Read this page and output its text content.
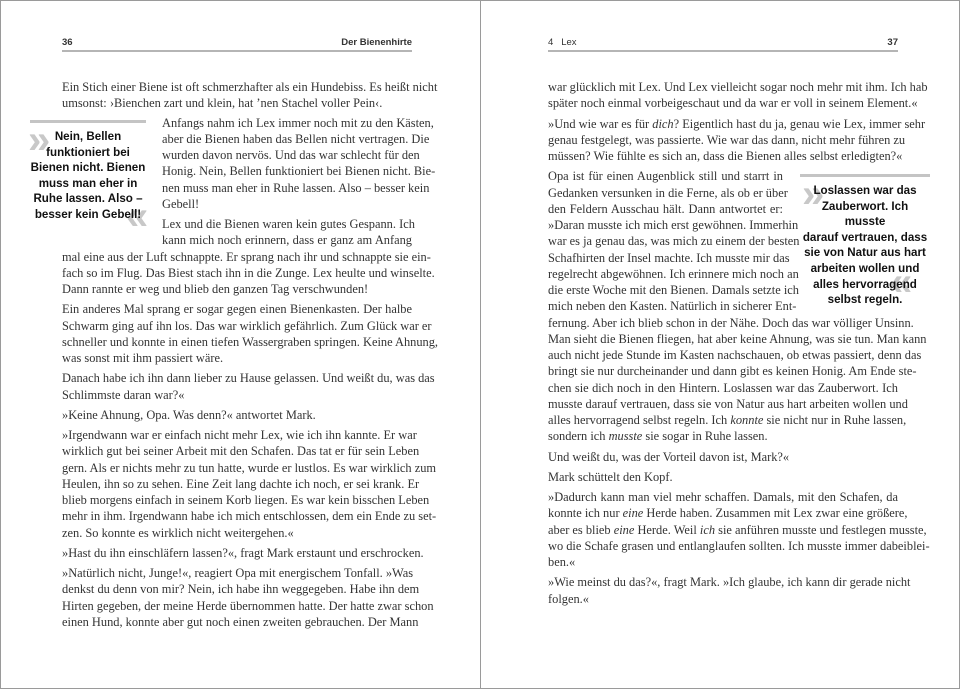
36	Der Bienenhirte
Ein Stich einer Biene ist oft schmerzhafter als ein Hundebiss. Es heißt nicht
umsonst: ›Bienchen zart und klein, hat ’nen Stachel voller Pein‹.
Anfangs nahm ich Lex immer noch mit zu den Kästen,
aber die Bienen haben das Bellen nicht vertragen. Die
wurden davon nervös. Und das war schlecht für den
Honig. Nein, Bellen funktioniert bei Bienen nicht. Bie-
nen muss man eher in Ruhe lassen. Also – besser kein
Gebell!
Lex und die Bienen waren kein gutes Gespann. Ich
kann mich noch erinnern, dass er ganz am Anfang
mal eine aus der Luft schnappte. Er sprang nach ihr und schnappte sie ein-
fach so im Flug. Das Biest stach ihn in die Zunge. Lex heulte und winselte.
Dann rannte er weg und blieb den ganzen Tag verschwunden!
Ein anderes Mal sprang er sogar gegen einen Bienenkasten. Der halbe
Schwarm ging auf ihn los. Das war wirklich gefährlich. Zum Glück war er
schneller und konnte in einen tiefen Wassergraben springen. Keine Ahnung,
was sonst mit ihm passiert wäre.
Danach habe ich ihn dann lieber zu Hause gelassen. Und weißt du, was das
Schlimmste daran war?«
»Keine Ahnung, Opa. Was denn?« antwortet Mark.
»Irgendwann war er einfach nicht mehr Lex, wie ich ihn kannte. Er war
wirklich gut bei seiner Arbeit mit den Schafen. Das tat er für sein Leben
gern. Als er nichts mehr zu tun hatte, wurde er lustlos. Es war wirklich zum
Heulen, ihn so zu sehen. Eine Zeit lang dachte ich noch, er sei krank. Er
blieb morgens einfach in seinem Korb liegen. Es war kein bisschen Leben
mehr in ihm. Irgendwann habe ich mich entschlossen, dem ein Ende zu set-
zen. So konnte es wirklich nicht weitergehen.«
»Hast du ihn einschläfern lassen?«, fragt Mark erstaunt und erschrocken.
»Natürlich nicht, Junge!«, reagiert Opa mit energischem Tonfall. »Was
denkst du denn von mir? Nein, ich habe ihn weggegeben. Habe ihn dem
Hirten gegeben, der meine Herde übernommen hatte. Der hatte zwar schon
einen Hund, konnte aber gut noch einen zweiten gebrauchen. Der Mann
»
«
Nein, Bellen
funktioniert bei
Bienen nicht. Bienen
muss man eher in
Ruhe lassen. Also –
besser kein Gebell!
4 Lex	37
war glücklich mit Lex. Und Lex vielleicht sogar noch mehr mit ihm. Ich hab
später noch einmal vorbeigeschaut und da war er voll in seinem Element.«
»Und wie war es für dich? Eigentlich hast du ja, genau wie Lex, immer sehr
genau festgelegt, was passierte. Wie war das dann, nicht mehr führen zu
müssen? Wie fühlte es sich an, dass die Bienen alles selbst erledigten?«
Opa ist für einen Augenblick still und starrt in
Gedanken versunken in die Ferne, als ob er über
den Feldern Ausschau hält. Dann antwortet er:
»Daran musste ich mich erst gewöhnen. Immerhin
war es ja genau das, was mich zu einem der besten
Schafhirten der Insel machte. Ich musste mir das
regelrecht abgewöhnen. Ich erinnere mich noch an
die erste Woche mit den Bienen. Damals setzte ich
mich neben den Kasten. Natürlich in sicherer Ent-
fernung. Aber ich blieb schon in der Nähe. Doch das war völliger Unsinn.
Man sieht die Bienen fliegen, hat aber keine Ahnung, was sie tun. Man kann
auch nicht jede Stunde im Kasten nachschauen, ob etwas passiert, denn das
bringt sie nur durcheinander und dann gibt es keinen Honig. Am Ende ste-
chen sie dich noch in den Hintern. Loslassen war das Zauberwort. Ich
musste darauf vertrauen, dass sie von Natur aus hart arbeiten wollen und
alles hervorragend selbst regeln. Ich konnte sie nicht nur in Ruhe lassen,
sondern ich musste sie sogar in Ruhe lassen.
Und weißt du, was der Vorteil davon ist, Mark?«
Mark schüttelt den Kopf.
»Dadurch kann man viel mehr schaffen. Damals, mit den Schafen, da
konnte ich nur eine Herde haben. Zusammen mit Lex zwar eine größere,
aber es blieb eine Herde. Weil ich sie anführen musste und festlegen musste,
wo die Schafe grasen und entlanglaufen sollten. Ich musste immer dabeiblei-
ben.«
»Wie meinst du das?«, fragt Mark. »Ich glaube, ich kann dir gerade nicht
folgen.«
»
«
Loslassen war das
Zauberwort. Ich musste
darauf vertrauen, dass
sie von Natur aus hart
arbeiten wollen und
alles hervorragend
selbst regeln.
